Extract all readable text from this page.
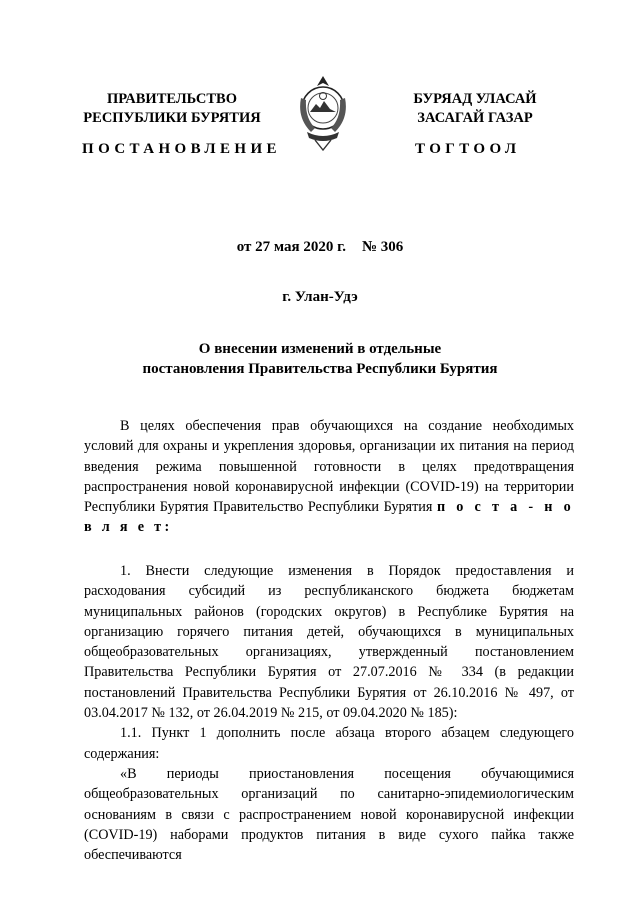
ПРАВИТЕЛЬСТВО
РЕСПУБЛИКИ БУРЯТИЯ
ПОСТАНОВЛЕНИЕ
БУРЯАД УЛАСАЙ
ЗАСАГАЙ ГАЗАР
ТОГТООЛ
от 27 мая 2020 г. № 306
г. Улан-Удэ
О внесении изменений в отдельные
постановления Правительства Республики Бурятия

В целях обеспечения прав обучающихся на создание необходимых условий для охраны и укрепления здоровья, организации их питания на период введения режима повышенной готовности в целях предотвращения распространения новой коронавирусной инфекции (COVID-19) на территории Республики Бурятия Правительство Республики Бурятия п о с т а - н о в л я е т:

1. Внести следующие изменения в Порядок предоставления и расходования субсидий из республиканского бюджета бюджетам муниципальных районов (городских округов) в Республике Бурятия на организацию горячего питания детей, обучающихся в муниципальных общеобразовательных организациях, утвержденный постановлением Правительства Республики Бурятия от 27.07.2016 № 334 (в редакции постановлений Правительства Республики Бурятия от 26.10.2016 № 497, от 03.04.2017 № 132, от 26.04.2019 № 215, от 09.04.2020 № 185):

1.1. Пункт 1 дополнить после абзаца второго абзацем следующего содержания:

«В периоды приостановления посещения обучающимися общеобразовательных организаций по санитарно-эпидемиологическим основаниям в связи с распространением новой коронавирусной инфекции (COVID-19) наборами продуктов питания в виде сухого пайка также обеспечиваются
